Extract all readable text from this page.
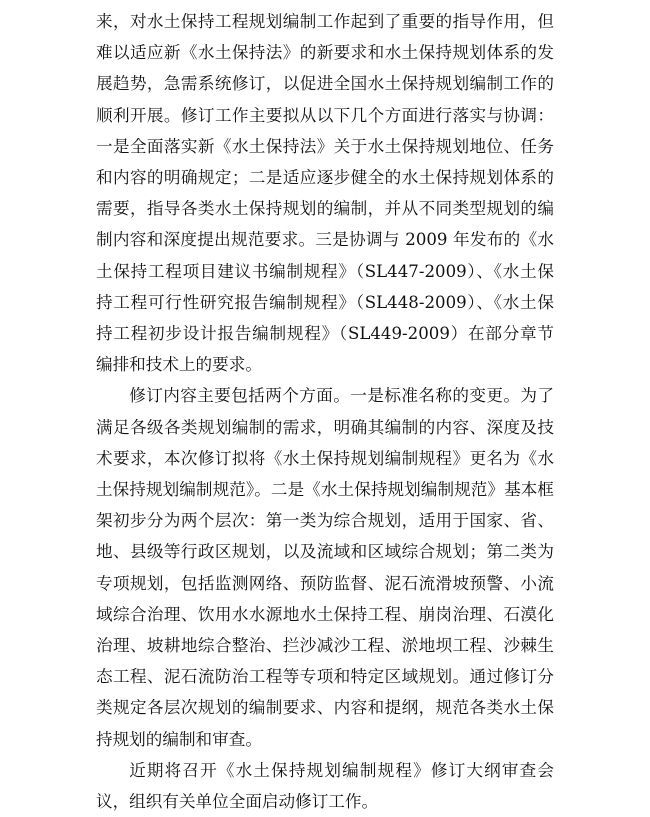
来，对水土保持工程规划编制工作起到了重要的指导作用，但难以适应新《水土保持法》的新要求和水土保持规划体系的发展趋势，急需系统修订，以促进全国水土保持规划编制工作的顺利开展。修订工作主要拟从以下几个方面进行落实与协调：一是全面落实新《水土保持法》关于水土保持规划地位、任务和内容的明确规定；二是适应逐步健全的水土保持规划体系的需要，指导各类水土保持规划的编制，并从不同类型规划的编制内容和深度提出规范要求。三是协调与 2009 年发布的《水土保持工程项目建议书编制规程》（SL447-2009）、《水土保持工程可行性研究报告编制规程》（SL448-2009）、《水土保持工程初步设计报告编制规程》（SL449-2009）在部分章节编排和技术上的要求。

修订内容主要包括两个方面。一是标准名称的变更。为了满足各级各类规划编制的需求，明确其编制的内容、深度及技术要求，本次修订拟将《水土保持规划编制规程》更名为《水土保持规划编制规范》。二是《水土保持规划编制规范》基本框架初步分为两个层次：第一类为综合规划，适用于国家、省、地、县级等行政区规划，以及流域和区域综合规划；第二类为专项规划，包括监测网络、预防监督、泥石流滑坡预警、小流域综合治理、饮用水水源地水土保持工程、崩岗治理、石漠化治理、坡耕地综合整治、拦沙减沙工程、淤地坝工程、沙棘生态工程、泥石流防治工程等专项和特定区域规划。通过修订分类规定各层次规划的编制要求、内容和提纲，规范各类水土保持规划的编制和审查。

近期将召开《水土保持规划编制规程》修订大纲审查会议，组织有关单位全面启动修订工作。
